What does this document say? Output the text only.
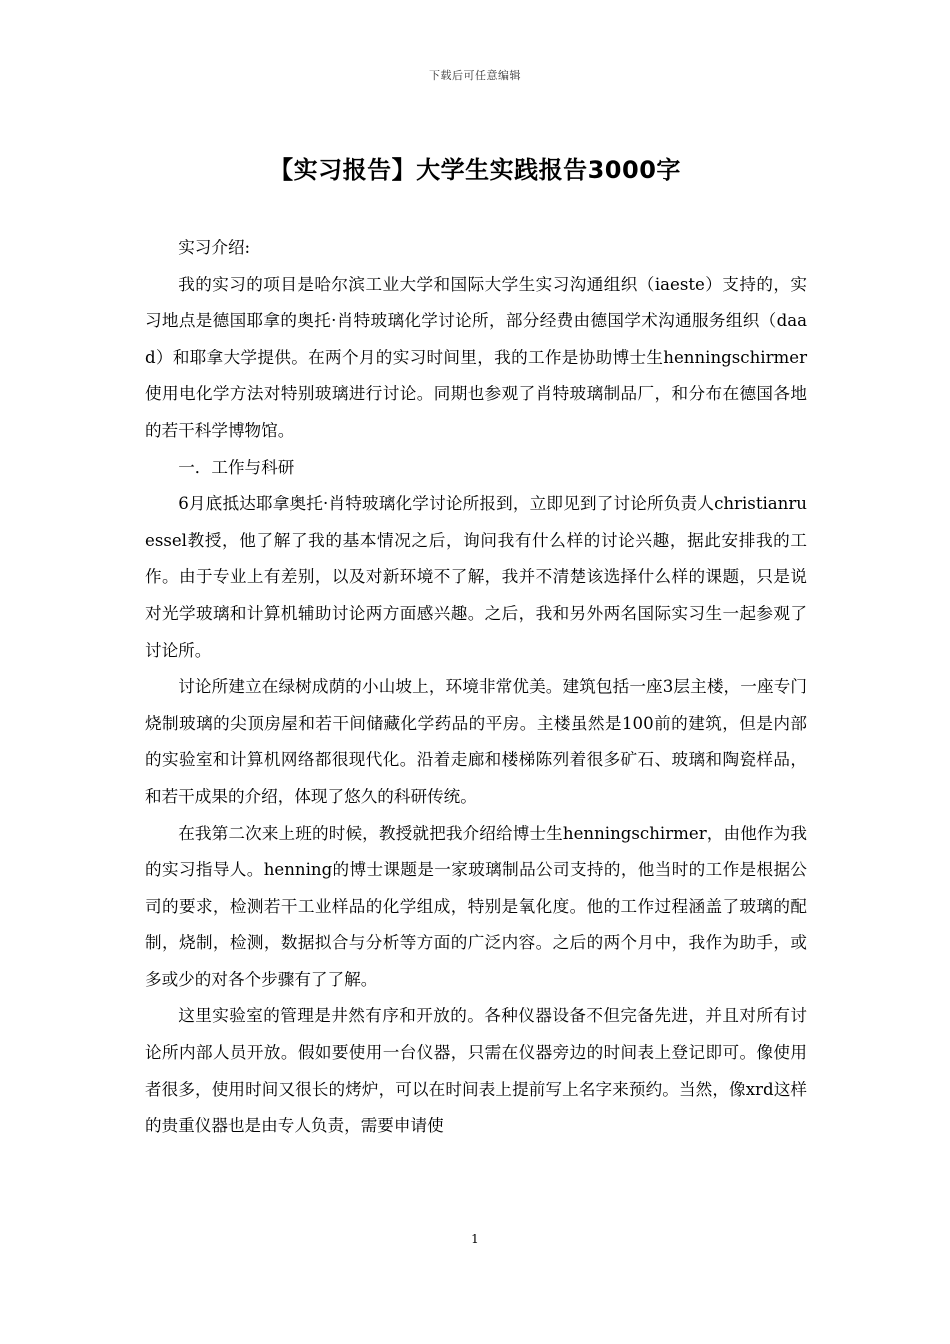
下载后可任意编辑
【实习报告】大学生实践报告3000字

实习介绍:

我的实习的项目是哈尔滨工业大学和国际大学生实习沟通组织（iaeste）支持的，实习地点是德国耶拿的奥托·肖特玻璃化学讨论所，部分经费由德国学术沟通服务组织（daad）和耶拿大学提供。在两个月的实习时间里，我的工作是协助博士生henningschirmer使用电化学方法对特别玻璃进行讨论。同期也参观了肖特玻璃制品厂，和分布在德国各地的若干科学博物馆。

一．工作与科研

6月底抵达耶拿奥托·肖特玻璃化学讨论所报到，立即见到了讨论所负责人christianruessel教授，他了解了我的基本情况之后，询问我有什么样的讨论兴趣，据此安排我的工作。由于专业上有差别，以及对新环境不了解，我并不清楚该选择什么样的课题，只是说对光学玻璃和计算机辅助讨论两方面感兴趣。之后，我和另外两名国际实习生一起参观了讨论所。

讨论所建立在绿树成荫的小山坡上，环境非常优美。建筑包括一座3层主楼，一座专门烧制玻璃的尖顶房屋和若干间储藏化学药品的平房。主楼虽然是100前的建筑，但是内部的实验室和计算机网络都很现代化。沿着走廊和楼梯陈列着很多矿石、玻璃和陶瓷样品，和若干成果的介绍，体现了悠久的科研传统。

在我第二次来上班的时候，教授就把我介绍给博士生henningschirmer，由他作为我的实习指导人。henning的博士课题是一家玻璃制品公司支持的，他当时的工作是根据公司的要求，检测若干工业样品的化学组成，特别是氧化度。他的工作过程涵盖了玻璃的配制，烧制，检测，数据拟合与分析等方面的广泛内容。之后的两个月中，我作为助手，或多或少的对各个步骤有了了解。

这里实验室的管理是井然有序和开放的。各种仪器设备不但完备先进，并且对所有讨论所内部人员开放。假如要使用一台仪器，只需在仪器旁边的时间表上登记即可。像使用者很多，使用时间又很长的烤炉，可以在时间表上提前写上名字来预约。当然，像xrd这样的贵重仪器也是由专人负责，需要申请使

1
